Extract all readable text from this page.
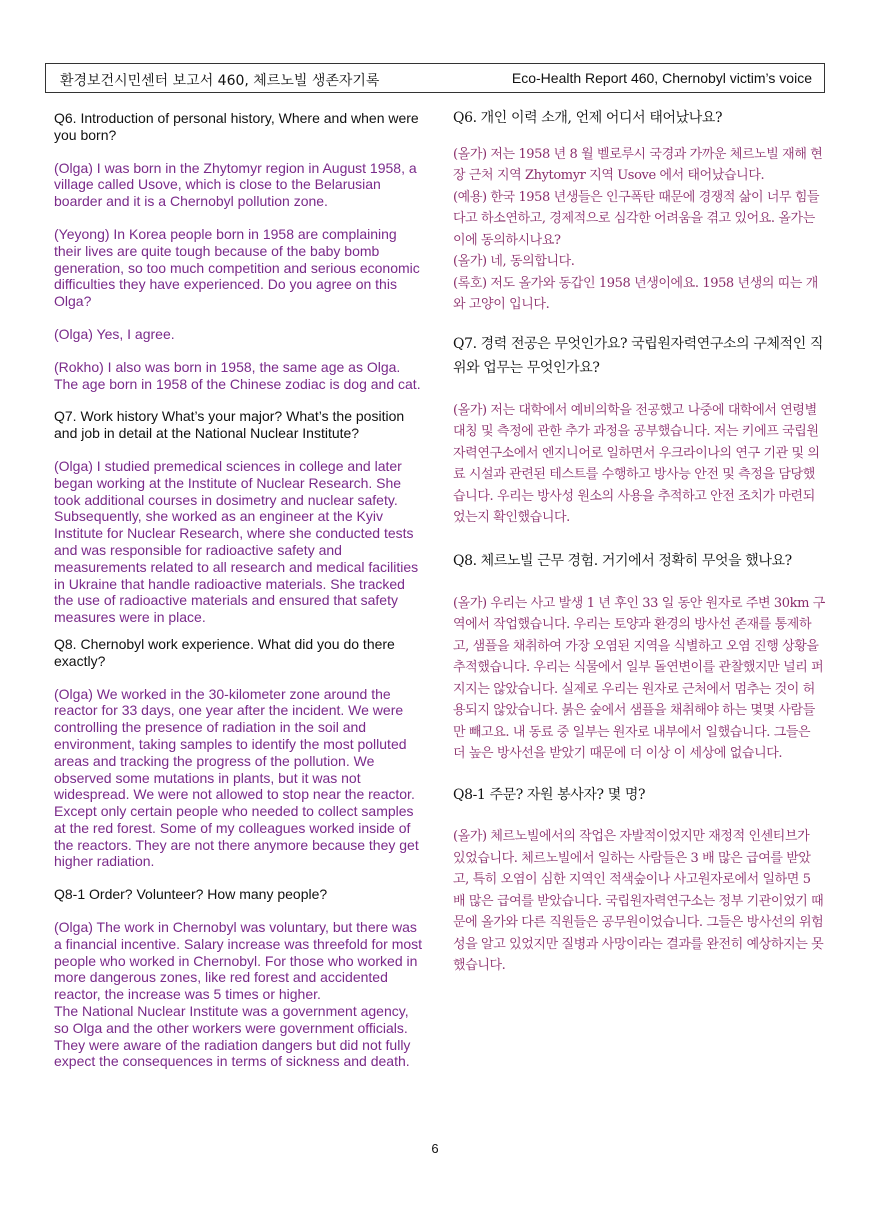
환경보건시민센터 보고서 460, 체르노빌 생존자기록	Eco-Health Report 460, Chernobyl victim’s voice

Q6. Introduction of personal history, Where and when were you born?

(Olga) I was born in the Zhytomyr region in August 1958, a village called Usove, which is close to the Belarusian boarder and it is a Chernobyl pollution zone.

(Yeyong) In Korea people born in 1958 are complaining their lives are quite tough because of the baby bomb generation, so too much competition and serious economic difficulties they have experienced. Do you agree on this Olga?

(Olga) Yes, I agree.

(Rokho) I also was born in 1958, the same age as Olga. The age born in 1958 of the Chinese zodiac is dog and cat.

Q7. Work history What’s your major? What’s the position and job in detail at the National Nuclear Institute?

(Olga) I studied premedical sciences in college and later began working at the Institute of Nuclear Research. She took additional courses in dosimetry and nuclear safety. Subsequently, she worked as an engineer at the Kyiv Institute for Nuclear Research, where she conducted tests and was responsible for radioactive safety and measurements related to all research and medical facilities in Ukraine that handle radioactive materials. She tracked the use of radioactive materials and ensured that safety measures were in place.

Q8. Chernobyl work experience. What did you do there exactly?

(Olga) We worked in the 30-kilometer zone around the reactor for 33 days, one year after the incident. We were controlling the presence of radiation in the soil and environment, taking samples to identify the most polluted areas and tracking the progress of the pollution. We observed some mutations in plants, but it was not widespread. We were not allowed to stop near the reactor. Except only certain people who needed to collect samples at the red forest. Some of my colleagues worked inside of the reactors. They are not there anymore because they get higher radiation.

Q8-1 Order? Volunteer? How many people?

(Olga) The work in Chernobyl was voluntary, but there was a financial incentive. Salary increase was threefold for most people who worked in Chernobyl. For those who worked in more dangerous zones, like red forest and accidented reactor, the increase was 5 times or higher.

The National Nuclear Institute was a government agency, so Olga and the other workers were government officials. They were aware of the radiation dangers but did not fully expect the consequences in terms of sickness and death.

Q6. 개인 이력 소개, 언제 어디서 태어났나요?

(올가) 저는 1958 년 8 월 벨로루시 국경과 가까운 체르노빌 재해 현장 근처 지역 Zhytomyr 지역 Usove 에서 태어났습니다.

(예용) 한국 1958 년생들은 인구폭탄 때문에 경쟁적 삶이 너무 힘들다고 하소연하고, 경제적으로 심각한 어려움을 겪고 있어요. 올가는 이에 동의하시나요?

(올가) 네, 동의합니다.

(록호) 저도 올가와 동갑인 1958 년생이에요. 1958 년생의 띠는 개와 고양이 입니다.

Q7. 경력 전공은 무엇인가요? 국립원자력연구소의 구체적인 직위와 업무는 무엇인가요?

(올가) 저는 대학에서 예비의학을 전공했고 나중에 대학에서 연령별 대칭 및 측정에 관한 추가 과정을 공부했습니다. 저는 키에프 국립원자력연구소에서 엔지니어로 일하면서 우크라이나의 연구 기관 및 의료 시설과 관련된 테스트를 수행하고 방사능 안전 및 측정을 담당했습니다. 우리는 방사성 원소의 사용을 추적하고 안전 조치가 마련되었는지 확인했습니다.

Q8. 체르노빌 근무 경험. 거기에서 정확히 무엇을 했나요?

(올가) 우리는 사고 발생 1 년 후인 33 일 동안 원자로 주변 30km 구역에서 작업했습니다. 우리는 토양과 환경의 방사선 존재를 통제하고, 샘플을 채취하여 가장 오염된 지역을 식별하고 오염 진행 상황을 추적했습니다. 우리는 식물에서 일부 돌연변이를 관찰했지만 널리 퍼지지는 않았습니다. 실제로 우리는 원자로 근처에서 멈추는 것이 허용되지 않았습니다. 붉은 숲에서 샘플을 채취해야 하는 몇몇 사람들만 빼고요. 내 동료 중 일부는 원자로 내부에서 일했습니다. 그들은 더 높은 방사선을 받았기 때문에 더 이상 이 세상에 없습니다.

Q8-1 주문? 자원 봉사자? 몇 명?

(올가) 체르노빌에서의 작업은 자발적이었지만 재정적 인센티브가 있었습니다. 체르노빌에서 일하는 사람들은 3 배 많은 급여를 받았고, 특히 오염이 심한 지역인 적색숲이나 사고원자로에서 일하면 5 배 많은 급여를 받았습니다. 국립원자력연구소는 정부 기관이었기 때문에 올가와 다른 직원들은 공무원이었습니다. 그들은 방사선의 위험성을 알고 있었지만 질병과 사망이라는 결과를 완전히 예상하지는 못했습니다.

6
